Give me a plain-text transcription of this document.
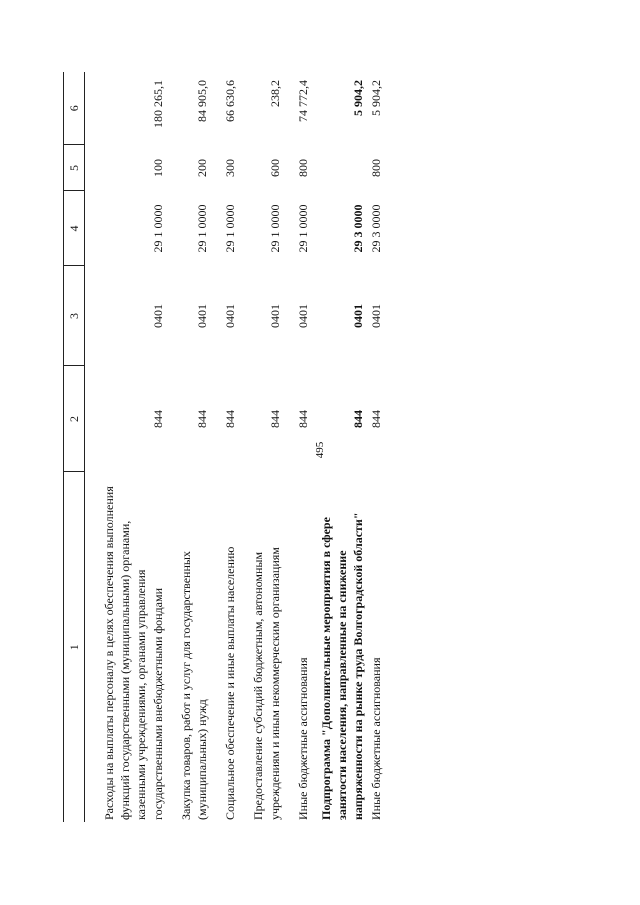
495
1	2	3	4	5	6

Расходы на выплаты персоналу в целях обеспечения выполнения функций государственными (муниципальными) органами, казенными учреждениями, органами управления государственными внебюджетными фондами	844	0401	29 1 0000	100	180 265,1
Закупка товаров, работ и услуг для государственных (муниципальных) нужд	844	0401	29 1 0000	200	84 905,0
Социальное обеспечение и иные выплаты населению	844	0401	29 1 0000	300	66 630,6
Предоставление субсидий бюджетным, автономным учреждениям и иным некоммерческим организациям	844	0401	29 1 0000	600	238,2
Иные бюджетные ассигнования	844	0401	29 1 0000	800	74 772,4
Подпрограмма "Дополнительные мероприятия в сфере занятости населения, направленные на снижение напряженности на рынке труда Волгоградской области"	844	0401	29 3 0000		5 904,2
Иные бюджетные ассигнования	844	0401	29 3 0000	800	5 904,2
